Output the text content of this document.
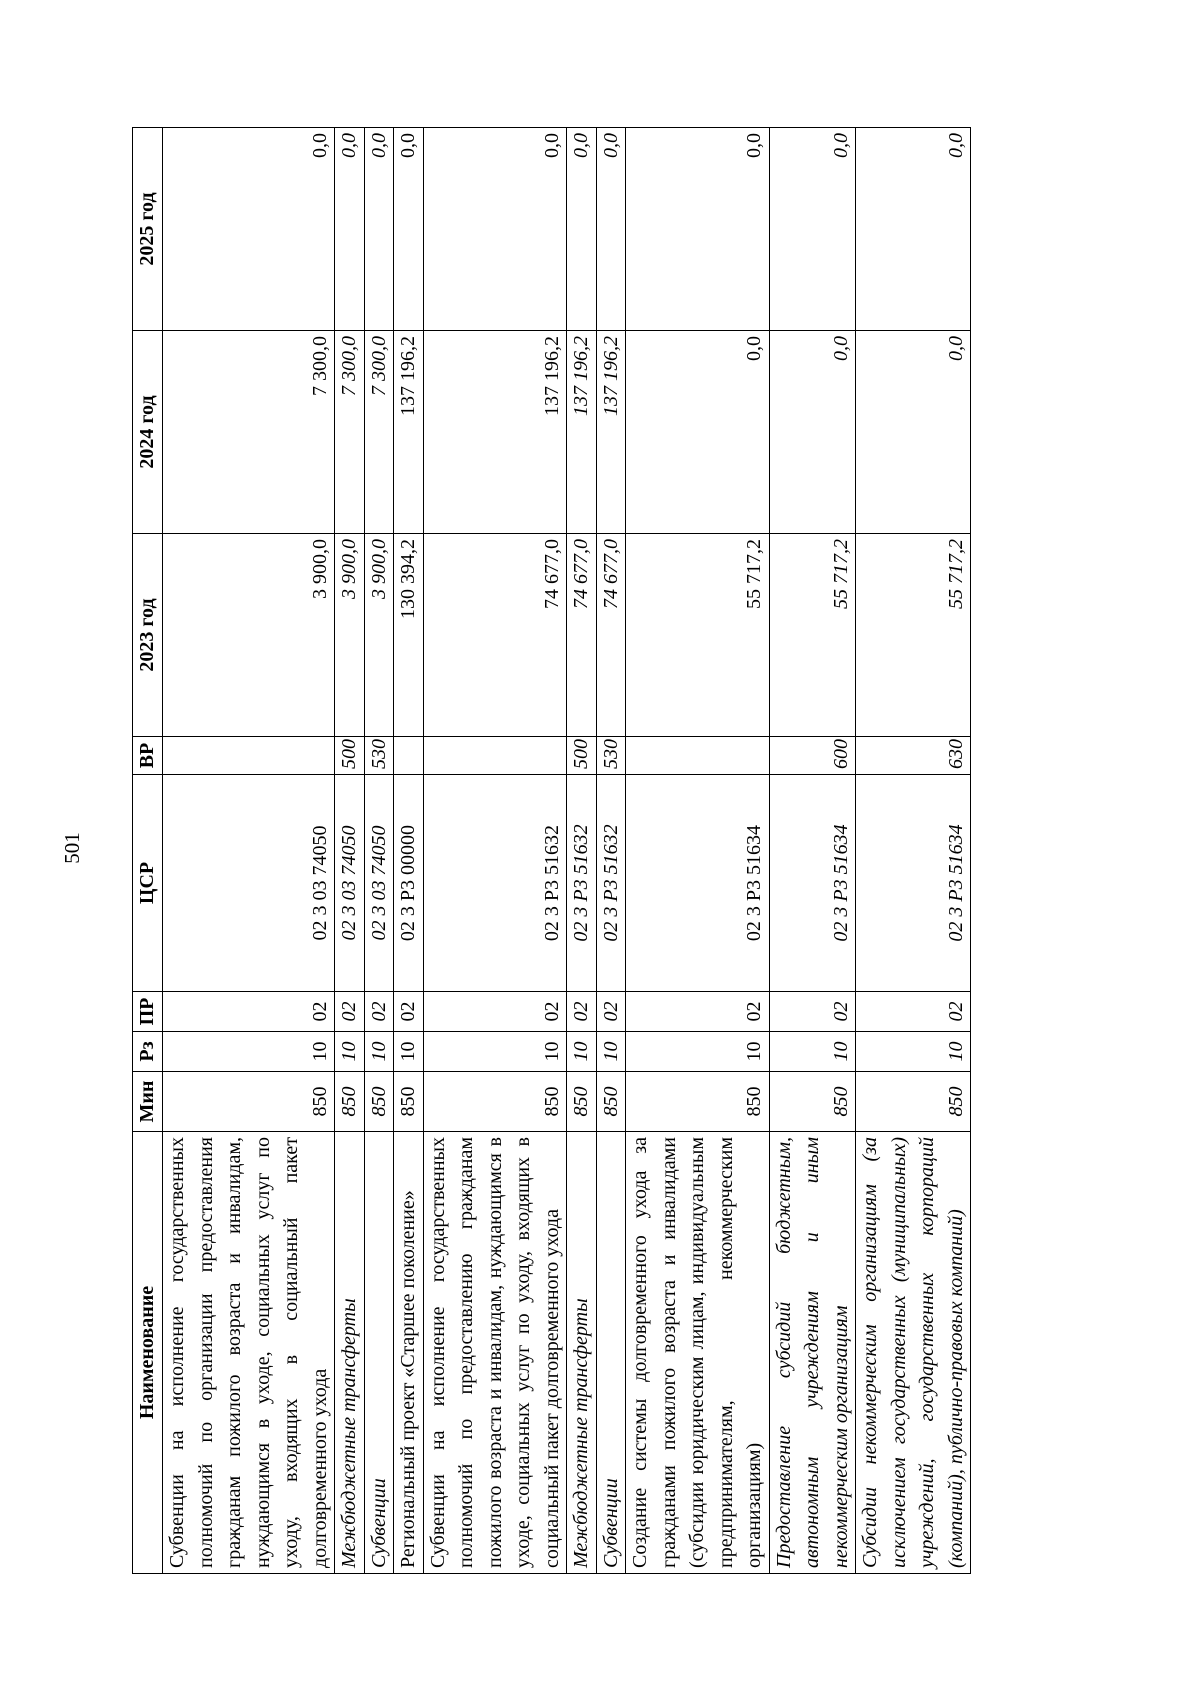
501
Наименование	Мин	Рз	ПР	ЦСР	ВР	2023 год	2024 год	2025 год

Субвенции на исполнение государственных полномочий по организации предоставления гражданам пожилого возраста и инвалидам, нуждающимся в уходе, социальных услуг по уходу, входящих в социальный пакет долговременного ухода	850	10	02	02 3 03 74050		3 900,0	7 300,0	0,0

Межбюджетные трансферты	850	10	02	02 3 03 74050	500	3 900,0	7 300,0	0,0

Субвенции	850	10	02	02 3 03 74050	530	3 900,0	7 300,0	0,0

Региональный проект «Старшее поколение»	850	10	02	02 3 P3 00000		130 394,2	137 196,2	0,0

Субвенции на исполнение государственных полномочий по предоставлению гражданам пожилого возраста и инвалидам, нуждающимся в уходе, социальных услуг по уходу, входящих в социальный пакет долговременного ухода	850	10	02	02 3 P3 51632		74 677,0	137 196,2	0,0

Межбюджетные трансферты	850	10	02	02 3 P3 51632	500	74 677,0	137 196,2	0,0

Субвенции	850	10	02	02 3 P3 51632	530	74 677,0	137 196,2	0,0

Создание системы долговременного ухода за гражданами пожилого возраста и инвалидами (субсидии юридическим лицам, индивидуальным предпринимателям, некоммерческим организациям)	850	10	02	02 3 P3 51634		55 717,2	0,0	0,0

Предоставление субсидий бюджетным, автономным учреждениям и иным некоммерческим организациям	850	10	02	02 3 P3 51634	600	55 717,2	0,0	0,0

Субсидии некоммерческим организациям (за исключением государственных (муниципальных) учреждений, государственных корпораций (компаний), публично-правовых компаний)	850	10	02	02 3 P3 51634	630	55 717,2	0,0	0,0
